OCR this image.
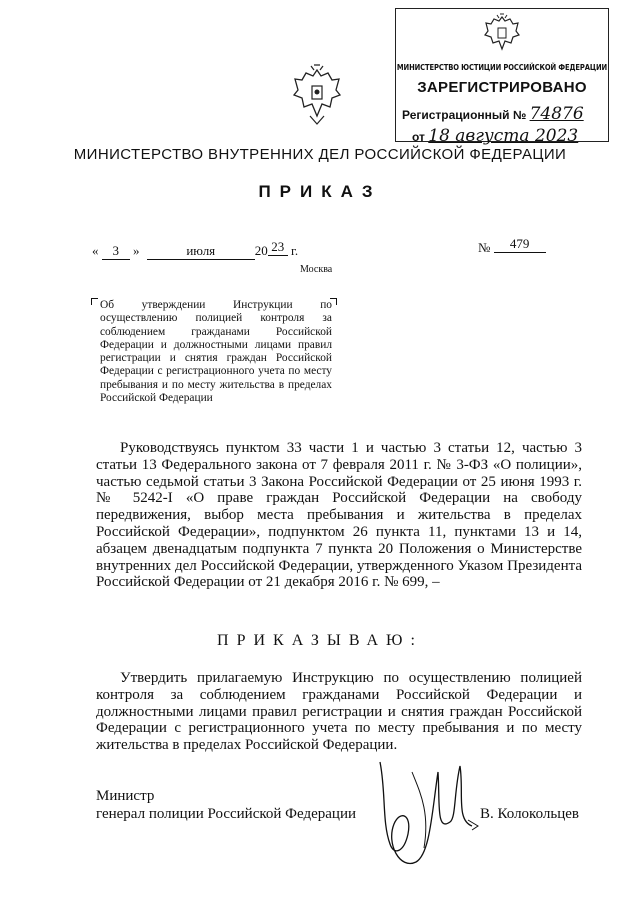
МИНИСТЕРСТВО ЮСТИЦИИ РОССИЙСКОЙ ФЕДЕРАЦИИ
ЗАРЕГИСТРИРОВАНО
Регистрационный № 74876
от 18 августа 2023
МИНИСТЕРСТВО ВНУТРЕННИХ ДЕЛ РОССИЙСКОЙ ФЕДЕРАЦИИ
ПРИКАЗ
« 3 »	июля	20 23 г.	№ 479
Москва
Об утверждении Инструкции по осуществлению полицией контроля за соблюдением гражданами Российской Федерации и должностными лицами правил регистрации и снятия граждан Российской Федерации с регистрационного учета по месту пребывания и по месту жительства в пределах Российской Федерации
Руководствуясь пунктом 33 части 1 и частью 3 статьи 12, частью 3 статьи 13 Федерального закона от 7 февраля 2011 г. № 3-ФЗ «О полиции», частью седьмой статьи 3 Закона Российской Федерации от 25 июня 1993 г. № 5242-I «О праве граждан Российской Федерации на свободу передвижения, выбор места пребывания и жительства в пределах Российской Федерации», подпунктом 26 пункта 11, пунктами 13 и 14, абзацем двенадцатым подпункта 7 пункта 20 Положения о Министерстве внутренних дел Российской Федерации, утвержденного Указом Президента Российской Федерации от 21 декабря 2016 г. № 699, –
ПРИКАЗЫВАЮ:
Утвердить прилагаемую Инструкцию по осуществлению полицией контроля за соблюдением гражданами Российской Федерации и должностными лицами правил регистрации и снятия граждан Российской Федерации с регистрационного учета по месту пребывания и по месту жительства в пределах Российской Федерации.
Министр
генерал полиции Российской Федерации	В. Колокольцев
